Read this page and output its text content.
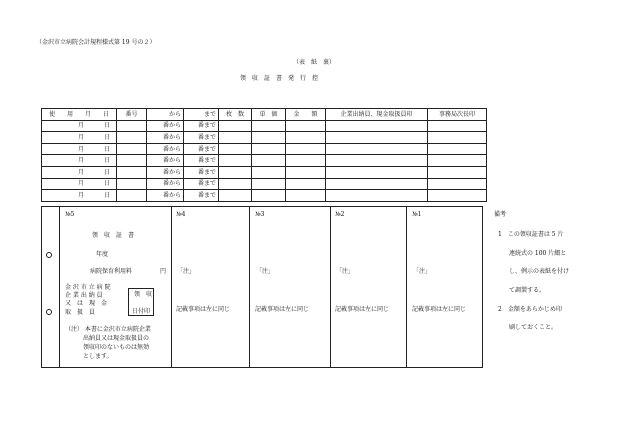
（金沢市立病院会計規程様式第 19 号の２）
（表　紙　裏）
領　収　証　書　発　行　控
使　　用　　月　　日	番号	から	まで	枚　数	単　価	金　　額	企業出納員、現金取扱員印	事務局次長印
月 日		番から	番まで					
月 日		番から	番まで					
月 日		番から	番まで					
月 日		番から	番まで					
月 日		番から	番まで					
月 日		番から	番まで					
月 日		番から	番まで					
№5
領　収　証　書
年度
病院保育利用料	円
金 沢 市 立 病 院
企 業 出 納 員
又　は　現　金
取　扱　員
領　収
日付印
（注） 本書に金沢市立病院企業
出納員又は現金取扱員の
領収印のないものは無効
とします。
№4
「注」
記載事項は左に同じ
№3
「注」
記載事項は左に同じ
№2
「注」
記載事項は左に同じ
№1
「注」
記載事項は左に同じ
備考
1　この領収証書は 5 片
連続式の 100 片綴と
し、例示の表紙を付け
て調製する。
2　金額をあらかじめ印
刷しておくこと。
